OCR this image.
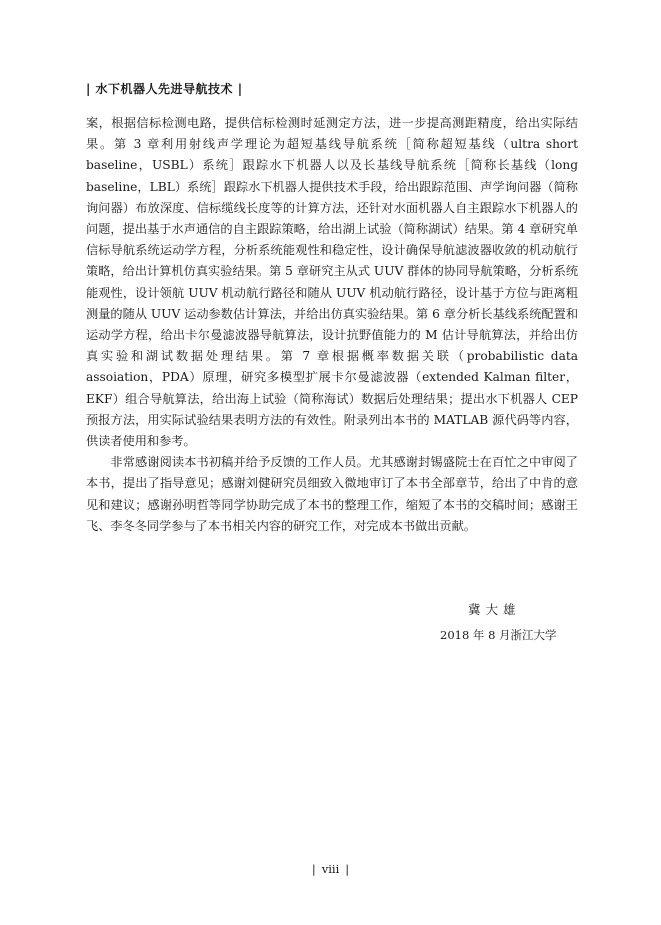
| 水下机器人先进导航技术 |

案，根据信标检测电路，提供信标检测时延测定方法，进一步提高测距精度，给出实际结果。第 3 章利用射线声学理论为超短基线导航系统［简称超短基线（ultra short baseline，USBL）系统］跟踪水下机器人以及长基线导航系统［简称长基线（long baseline，LBL）系统］跟踪水下机器人提供技术手段，给出跟踪范围、声学询问器（简称询问器）布放深度、信标缆线长度等的计算方法，还针对水面机器人自主跟踪水下机器人的问题，提出基于水声通信的自主跟踪策略，给出湖上试验（简称湖试）结果。第 4 章研究单信标导航系统运动学方程，分析系统能观性和稳定性，设计确保导航滤波器收敛的机动航行策略，给出计算机仿真实验结果。第 5 章研究主从式 UUV 群体的协同导航策略，分析系统能观性，设计领航 UUV 机动航行路径和随从 UUV 机动航行路径，设计基于方位与距离粗测量的随从 UUV 运动参数估计算法，并给出仿真实验结果。第 6 章分析长基线系统配置和运动学方程，给出卡尔曼滤波器导航算法，设计抗野值能力的 M 估计导航算法，并给出仿真实验和湖试数据处理结果。第 7 章根据概率数据关联（probabilistic data assoiation，PDA）原理，研究多模型扩展卡尔曼滤波器（extended Kalman filter，EKF）组合导航算法，给出海上试验（简称海试）数据后处理结果；提出水下机器人 CEP 预报方法，用实际试验结果表明方法的有效性。附录列出本书的 MATLAB 源代码等内容，供读者使用和参考。

非常感谢阅读本书初稿并给予反馈的工作人员。尤其感谢封锡盛院士在百忙之中审阅了本书，提出了指导意见；感谢刘健研究员细致入微地审订了本书全部章节，给出了中肯的意见和建议；感谢孙明哲等同学协助完成了本书的整理工作，缩短了本书的交稿时间；感谢王飞、李冬冬同学参与了本书相关内容的研究工作，对完成本书做出贡献。

冀大雄
2018 年 8 月浙江大学
| viii |
